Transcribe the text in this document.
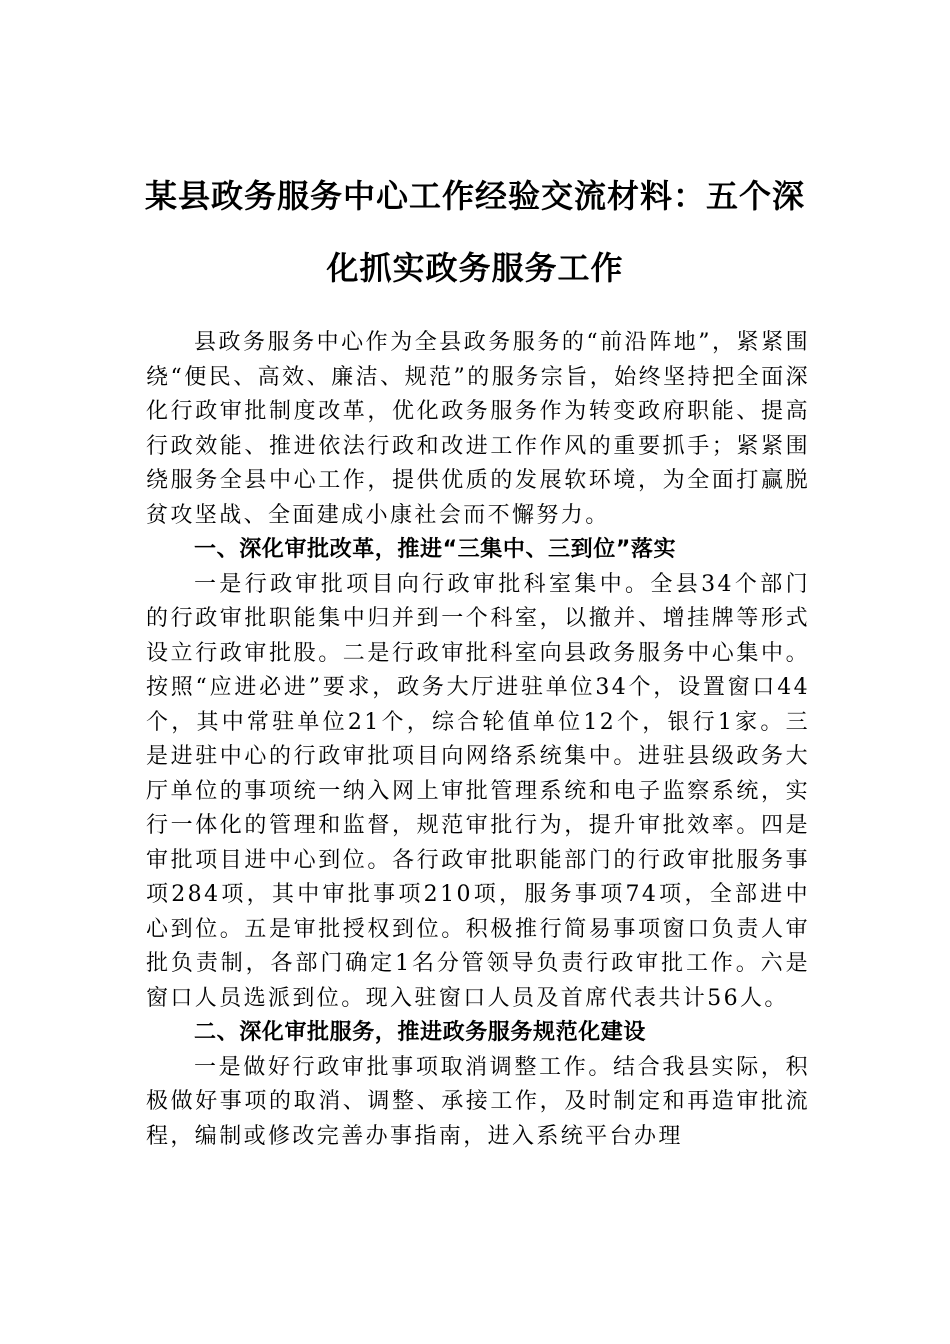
某县政务服务中心工作经验交流材料：五个深化抓实政务服务工作

县政务服务中心作为全县政务服务的“前沿阵地”，紧紧围绕“便民、高效、廉洁、规范”的服务宗旨，始终坚持把全面深化行政审批制度改革，优化政务服务作为转变政府职能、提高行政效能、推进依法行政和改进工作作风的重要抓手；紧紧围绕服务全县中心工作，提供优质的发展软环境，为全面打赢脱贫攻坚战、全面建成小康社会而不懈努力。

一、深化审批改革，推进“三集中、三到位”落实

一是行政审批项目向行政审批科室集中。全县34个部门的行政审批职能集中归并到一个科室，以撤并、增挂牌等形式设立行政审批股。二是行政审批科室向县政务服务中心集中。按照“应进必进”要求，政务大厅进驻单位34个，设置窗口44个，其中常驻单位21个，综合轮值单位12个，银行1家。三是进驻中心的行政审批项目向网络系统集中。进驻县级政务大厅单位的事项统一纳入网上审批管理系统和电子监察系统，实行一体化的管理和监督，规范审批行为，提升审批效率。四是审批项目进中心到位。各行政审批职能部门的行政审批服务事项284项，其中审批事项210项，服务事项74项，全部进中心到位。五是审批授权到位。积极推行简易事项窗口负责人审批负责制，各部门确定1名分管领导负责行政审批工作。六是窗口人员选派到位。现入驻窗口人员及首席代表共计56人。

二、深化审批服务，推进政务服务规范化建设

一是做好行政审批事项取消调整工作。结合我县实际，积极做好事项的取消、调整、承接工作，及时制定和再造审批流程，编制或修改完善办事指南，进入系统平台办理
